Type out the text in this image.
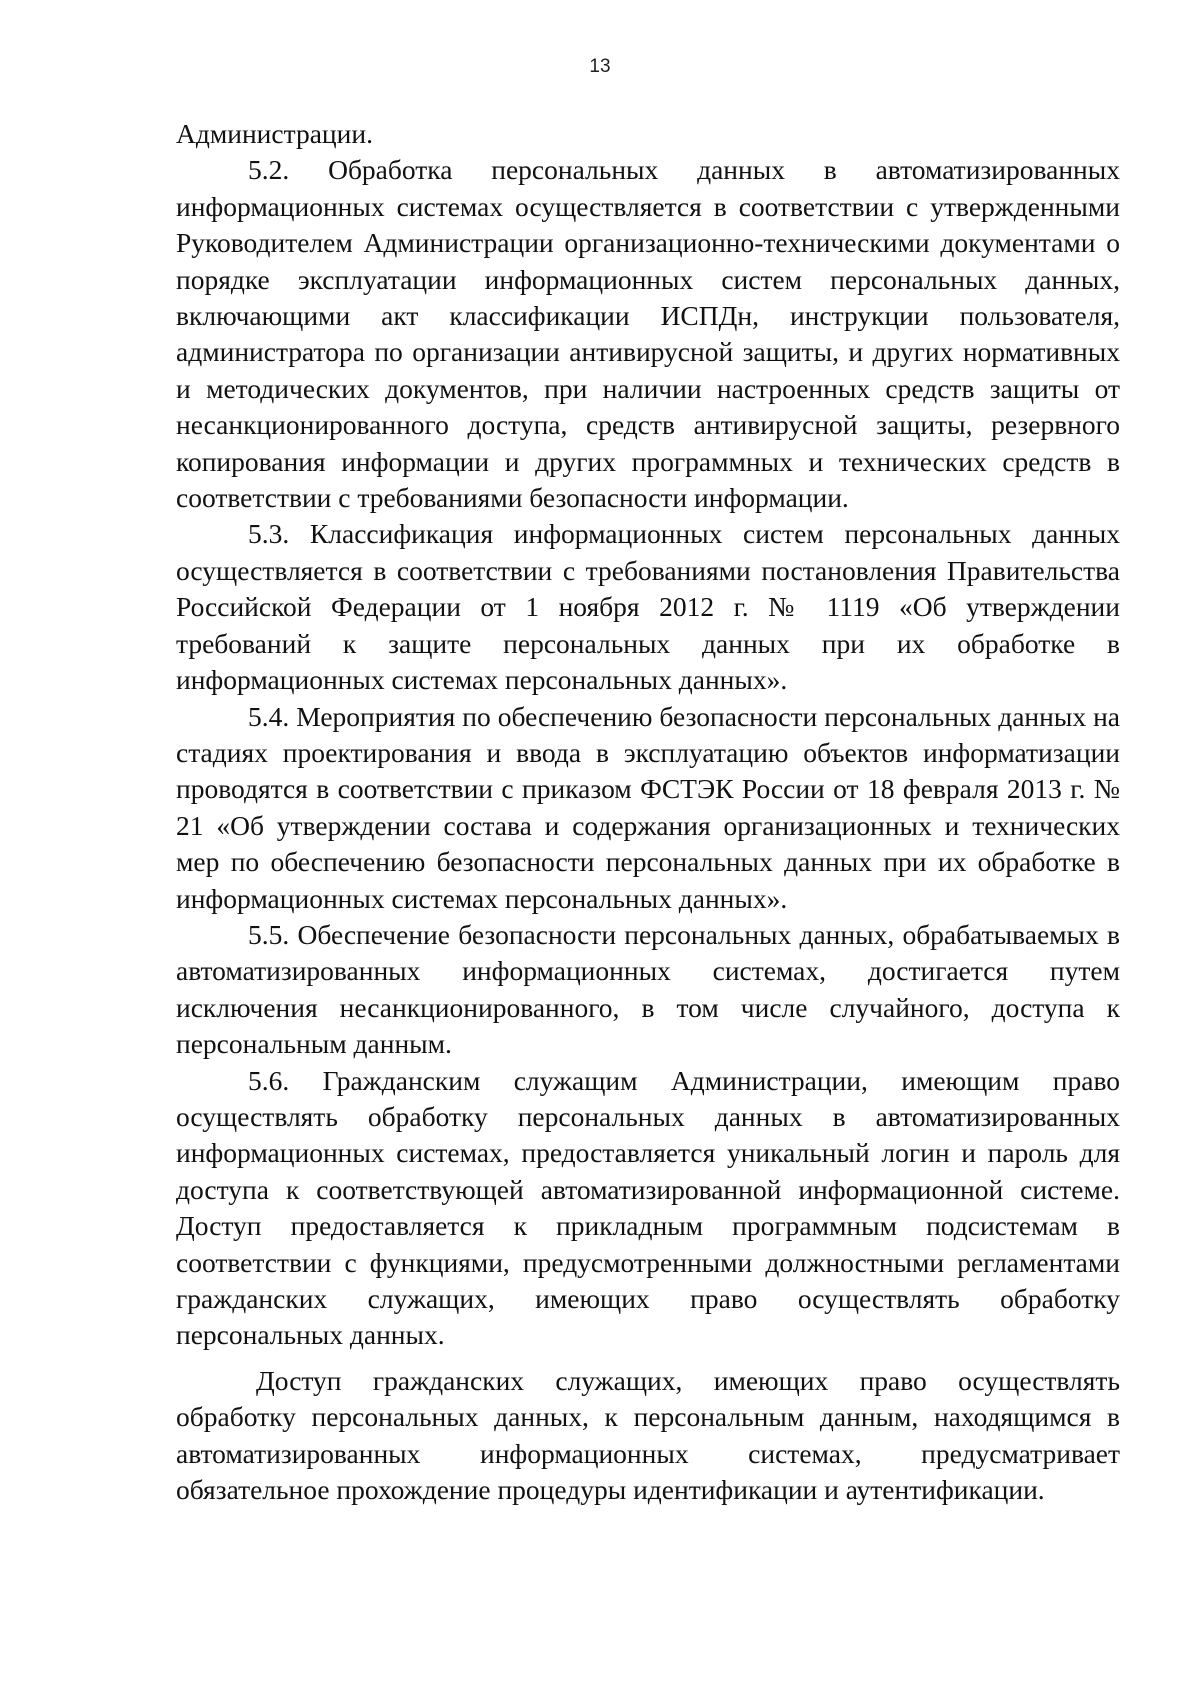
13

Администрации.

5.2. Обработка персональных данных в автоматизированных информационных системах осуществляется в соответствии с утвержденными Руководителем Администрации организационно-техническими документами о порядке эксплуатации информационных систем персональных данных, включающими акт классификации ИСПДн, инструкции пользователя, администратора по организации антивирусной защиты, и других нормативных и методических документов, при наличии настроенных средств защиты от несанкционированного доступа, средств антивирусной защиты, резервного копирования информации и других программных и технических средств в соответствии с требованиями безопасности информации.

5.3. Классификация информационных систем персональных данных осуществляется в соответствии с требованиями постановления Правительства Российской Федерации от 1 ноября 2012 г. № 1119 «Об утверждении требований к защите персональных данных при их обработке в информационных системах персональных данных».

5.4. Мероприятия по обеспечению безопасности персональных данных на стадиях проектирования и ввода в эксплуатацию объектов информатизации проводятся в соответствии с приказом ФСТЭК России от 18 февраля 2013 г. № 21 «Об утверждении состава и содержания организационных и технических мер по обеспечению безопасности персональных данных при их обработке в информационных системах персональных данных».

5.5. Обеспечение безопасности персональных данных, обрабатываемых в автоматизированных информационных системах, достигается путем исключения несанкционированного, в том числе случайного, доступа к персональным данным.

5.6. Гражданским служащим Администрации, имеющим право осуществлять обработку персональных данных в автоматизированных информационных системах, предоставляется уникальный логин и пароль для доступа к соответствующей автоматизированной информационной системе. Доступ предоставляется к прикладным программным подсистемам в соответствии с функциями, предусмотренными должностными регламентами гражданских служащих, имеющих право осуществлять обработку персональных данных.

Доступ гражданских служащих, имеющих право осуществлять обработку персональных данных, к персональным данным, находящимся в автоматизированных информационных системах, предусматривает обязательное прохождение процедуры идентификации и аутентификации.
